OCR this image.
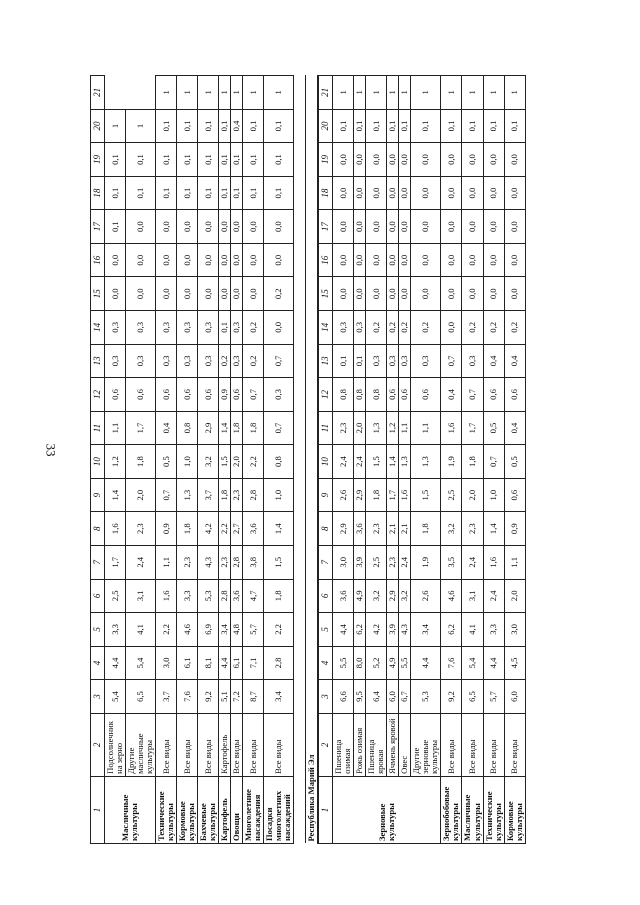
33
1	2	3	4	5	6	7	8	9	10	11	12	13	14	15	16	17	18	19	20	21
Масличные культуры	Подсолнечник на зерно	5,4	4,4	3,3	2,5	1,7	1,6	1,4	1,2	1,1	0,6	0,3	0,3	0,0	0,0	0,1	0,1	0,1	1	
	Другие масличные культуры	6,5	5,4	4,1	3,1	2,4	2,3	2,0	1,8	1,7	0,6	0,3	0,3	0,0	0,0	0,0	0,1	0,1	1	
Технические культуры	Все виды	3,7	3,0	2,2	1,6	1,1	0,9	0,7	0,5	0,4	0,6	0,3	0,3	0,0	0,0	0,0	0,1	0,1	0,1	1
Кормовые культуры	Все виды	7,6	6,1	4,6	3,3	2,3	1,8	1,3	1,0	0,8	0,6	0,3	0,3	0,0	0,0	0,0	0,1	0,1	0,1	1
Бахчевые культуры	Все виды	9,2	8,1	6,9	5,3	4,3	4,2	3,7	3,2	2,9	0,6	0,3	0,3	0,0	0,0	0,0	0,1	0,1	0,1	1
Картофель	Картофель	5,1	4,4	3,4	2,8	2,3	2,2	1,8	1,5	1,4	0,9	0,2	0,1	0,0	0,0	0,0	0,1	0,1	0,1	1
Овощи	Все виды	7,2	6,1	4,8	3,6	2,8	2,7	2,3	2,0	1,8	0,6	0,3	0,3	0,0	0,0	0,0	0,1	0,1	0,4	1
Многолетние насаждения	Все виды	8,7	7,1	5,7	4,7	3,8	3,6	2,8	2,2	1,8	0,7	0,2	0,2	0,0	0,0	0,0	0,1	0,1	0,1	1
Посадки многолетних насаждений	Все виды	3,4	2,8	2,2	1,8	1,5	1,4	1,0	0,8	0,7	0,3	0,7	0,0	0,2	0,0	0,0	0,1	0,1	0,1	1

Республика Марий Эл																				
1	2	3	4	5	6	7	8	9	10	11	12	13	14	15	16	17	18	19	20	21
Зерновые культуры	Пшеница озимая	6,6	5,5	4,4	3,6	3,0	2,9	2,6	2,4	2,3	0,8	0,1	0,3	0,0	0,0	0,0	0,0	0,0	0,1	1
	Рожь озимая	9,5	8,0	6,2	4,9	3,9	3,6	2,9	2,4	2,0	0,8	0,1	0,3	0,0	0,0	0,0	0,0	0,0	0,1	1
	Пшеница яровая	6,4	5,2	4,2	3,2	2,5	2,3	1,8	1,5	1,3	0,8	0,3	0,2	0,0	0,0	0,0	0,0	0,0	0,1	1
	Ячмень яровой	6,0	4,9	3,9	2,9	2,3	2,1	1,7	1,4	1,2	0,6	0,3	0,2	0,0	0,0	0,0	0,0	0,0	0,1	1
	Овес	6,7	5,5	4,3	3,2	2,4	2,1	1,6	1,3	1,1	0,6	0,3	0,2	0,0	0,0	0,0	0,0	0,0	0,1	1
	Другие зерновые культуры	5,3	4,4	3,4	2,6	1,9	1,8	1,5	1,3	1,1	0,6	0,3	0,2	0,0	0,0	0,0	0,0	0,0	0,1	1
Зернобобовые культуры	Все виды	9,2	7,6	6,2	4,6	3,5	3,2	2,5	1,9	1,6	0,4	0,7	0,0	0,0	0,0	0,0	0,0	0,0	0,1	1
Масличные культуры	Все виды	6,5	5,4	4,1	3,1	2,4	2,3	2,0	1,8	1,7	0,7	0,3	0,2	0,0	0,0	0,0	0,0	0,0	0,1	1
Технические культуры	Все виды	5,7	4,4	3,3	2,4	1,6	1,4	1,0	0,7	0,5	0,6	0,4	0,2	0,0	0,0	0,0	0,0	0,0	0,1	1
Кормовые культуры	Все виды	6,0	4,5	3,0	2,0	1,1	0,9	0,6	0,5	0,4	0,6	0,4	0,2	0,0	0,0	0,0	0,0	0,0	0,1	1
